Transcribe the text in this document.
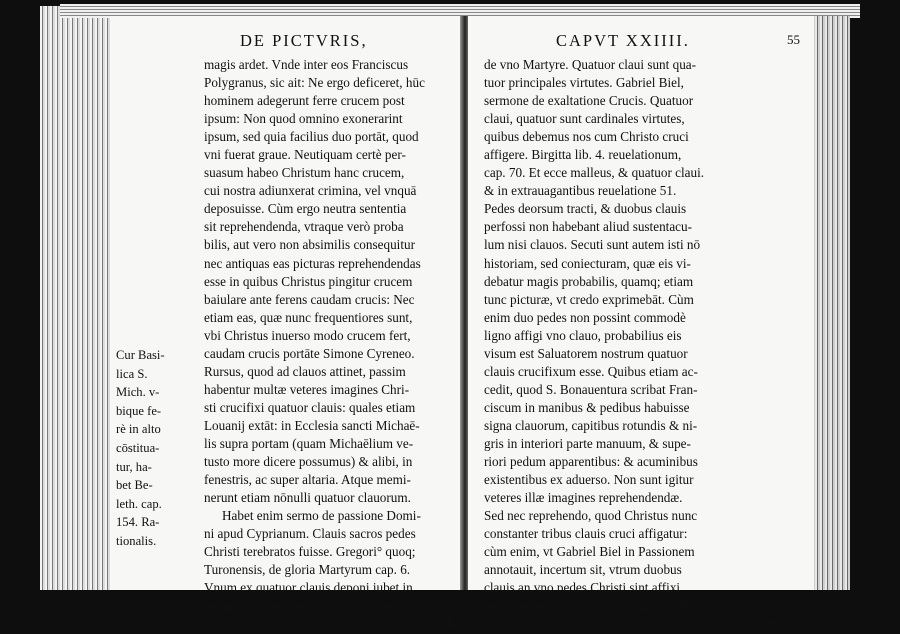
DE PICTVRIS,
Cur Basi-
lica S.
Mich. v-
bique fe-
rè in alto
cōstitua-
tur, ha-
bet Be-
leth. cap.
154. Ra-
tionalis.
magis ardet. Vnde inter eos Franciscus
Polygranus, sic ait: Ne ergo deficeret, hūc
hominem adegerunt ferre crucem post
ipsum: Non quod omnino exonerarint
ipsum, sed quia facilius duo portāt, quod
vni fuerat graue. Neutiquam certè per-
suasum habeo Christum hanc crucem,
cui nostra adiunxerat crimina, vel vnquā
deposuisse. Cùm ergo neutra sententia
sit reprehendenda, vtraque verò proba
bilis, aut vero non absimilis consequitur
nec antiquas eas picturas reprehendendas
esse in quibus Christus pingitur crucem
baiulare ante ferens caudam crucis: Nec
etiam eas, quæ nunc frequentiores sunt,
vbi Christus inuerso modo crucem fert,
caudam crucis portāte Simone Cyreneo.
Rursus, quod ad clauos attinet, passim
habentur multæ veteres imagines Chri-
sti crucifixi quatuor clauis: quales etiam
Louanij extāt: in Ecclesia sancti Michaē-
lis supra portam (quam Michaēlium ve-
tusto more dicere possumus) & alibi, in
fenestris, ac super altaria. Atque memi-
nerunt etiam nōnulli quatuor clauorum.
Habet enim sermo de passione Domi-
ni apud Cyprianum. Clauis sacros pedes
Christi terebratos fuisse. Gregori° quoq;
Turonensis, de gloria Martyrum cap. 6.
Vnum ex quatuor clauis deponi iubet in
pelago: & Innocentius tertius, sermone
de
CAPVT XXIIII.	55
de vno Martyre. Quatuor claui sunt qua-
tuor principales virtutes. Gabriel Biel,
sermone de exaltatione Crucis. Quatuor
claui, quatuor sunt cardinales virtutes,
quibus debemus nos cum Christo cruci
affigere. Birgitta lib. 4. reuelationum,
cap. 70. Et ecce malleus, & quatuor claui.
& in extrauagantibus reuelatione 51.
Pedes deorsum tracti, & duobus clauis
perfossi non habebant aliud sustentacu-
lum nisi clauos. Secuti sunt autem isti nō
historiam, sed coniecturam, quæ eis vi-
debatur magis probabilis, quamq; etiam
tunc picturæ, vt credo exprimebāt. Cùm
enim duo pedes non possint commodè
ligno affigi vno clauo, probabilius eis
visum est Saluatorem nostrum quatuor
clauis crucifixum esse. Quibus etiam ac-
cedit, quod S. Bonauentura scribat Fran-
ciscum in manibus & pedibus habuisse
signa clauorum, capitibus rotundis & ni-
gris in interiori parte manuum, & supe-
riori pedum apparentibus: & acuminibus
existentibus ex aduerso. Non sunt igitur
veteres illæ imagines reprehendendæ.
Sed nec reprehendo, quod Christus nunc
constanter tribus clauis cruci affigatur:
cùm enim, vt Gabriel Biel in Passionem
annotauit, incertum sit, vtrum duobus
clauis an vno pedes Christi sint affixi,
parum refert vtro modo pingatur. Vnde
etiam
